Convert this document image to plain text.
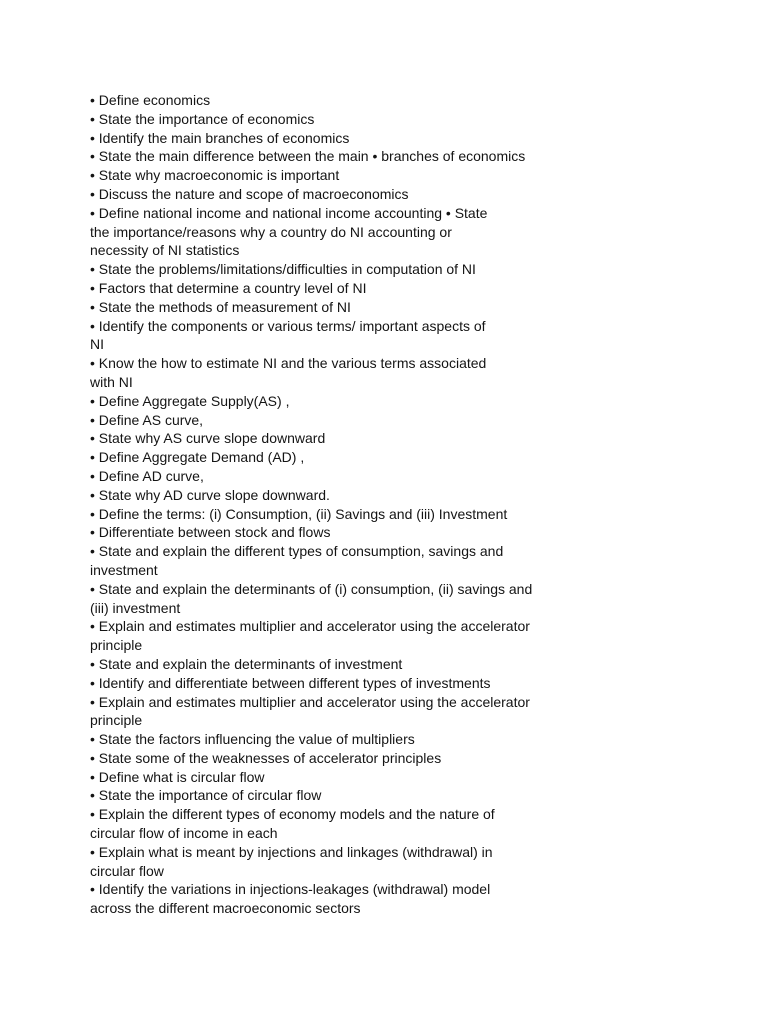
• Define economics
• State the importance of economics
• Identify the main branches of economics
• State the main difference between the main • branches of economics
• State why macroeconomic is important
• Discuss the nature and scope of macroeconomics
• Define national income and national income accounting • State
the importance/reasons why a country do NI accounting or
necessity of NI statistics
• State the problems/limitations/difficulties in computation of NI
• Factors that determine a country level of NI
• State the methods of measurement of NI
• Identify the components or various terms/ important aspects of
NI
• Know the how to estimate NI and the various terms associated
with NI
• Define Aggregate Supply(AS) ,
• Define AS curve,
• State why AS curve slope downward
• Define Aggregate Demand (AD) ,
• Define AD curve,
• State why AD curve slope downward.
• Define the terms: (i) Consumption, (ii) Savings and (iii) Investment
• Differentiate between stock and flows
• State and explain the different types of consumption, savings and
investment
• State and explain the determinants of (i) consumption, (ii) savings and
(iii) investment
• Explain and estimates multiplier and accelerator using the accelerator
principle
• State and explain the determinants of investment
• Identify and differentiate between different types of investments
• Explain and estimates multiplier and accelerator using the accelerator
principle
• State the factors influencing the value of multipliers
• State some of the weaknesses of accelerator principles
• Define what is circular flow
• State the importance of circular flow
• Explain the different types of economy models and the nature of
circular flow of income in each
• Explain what is meant by injections and linkages (withdrawal) in
circular flow
• Identify the variations in injections-leakages (withdrawal) model
across the different macroeconomic sectors
